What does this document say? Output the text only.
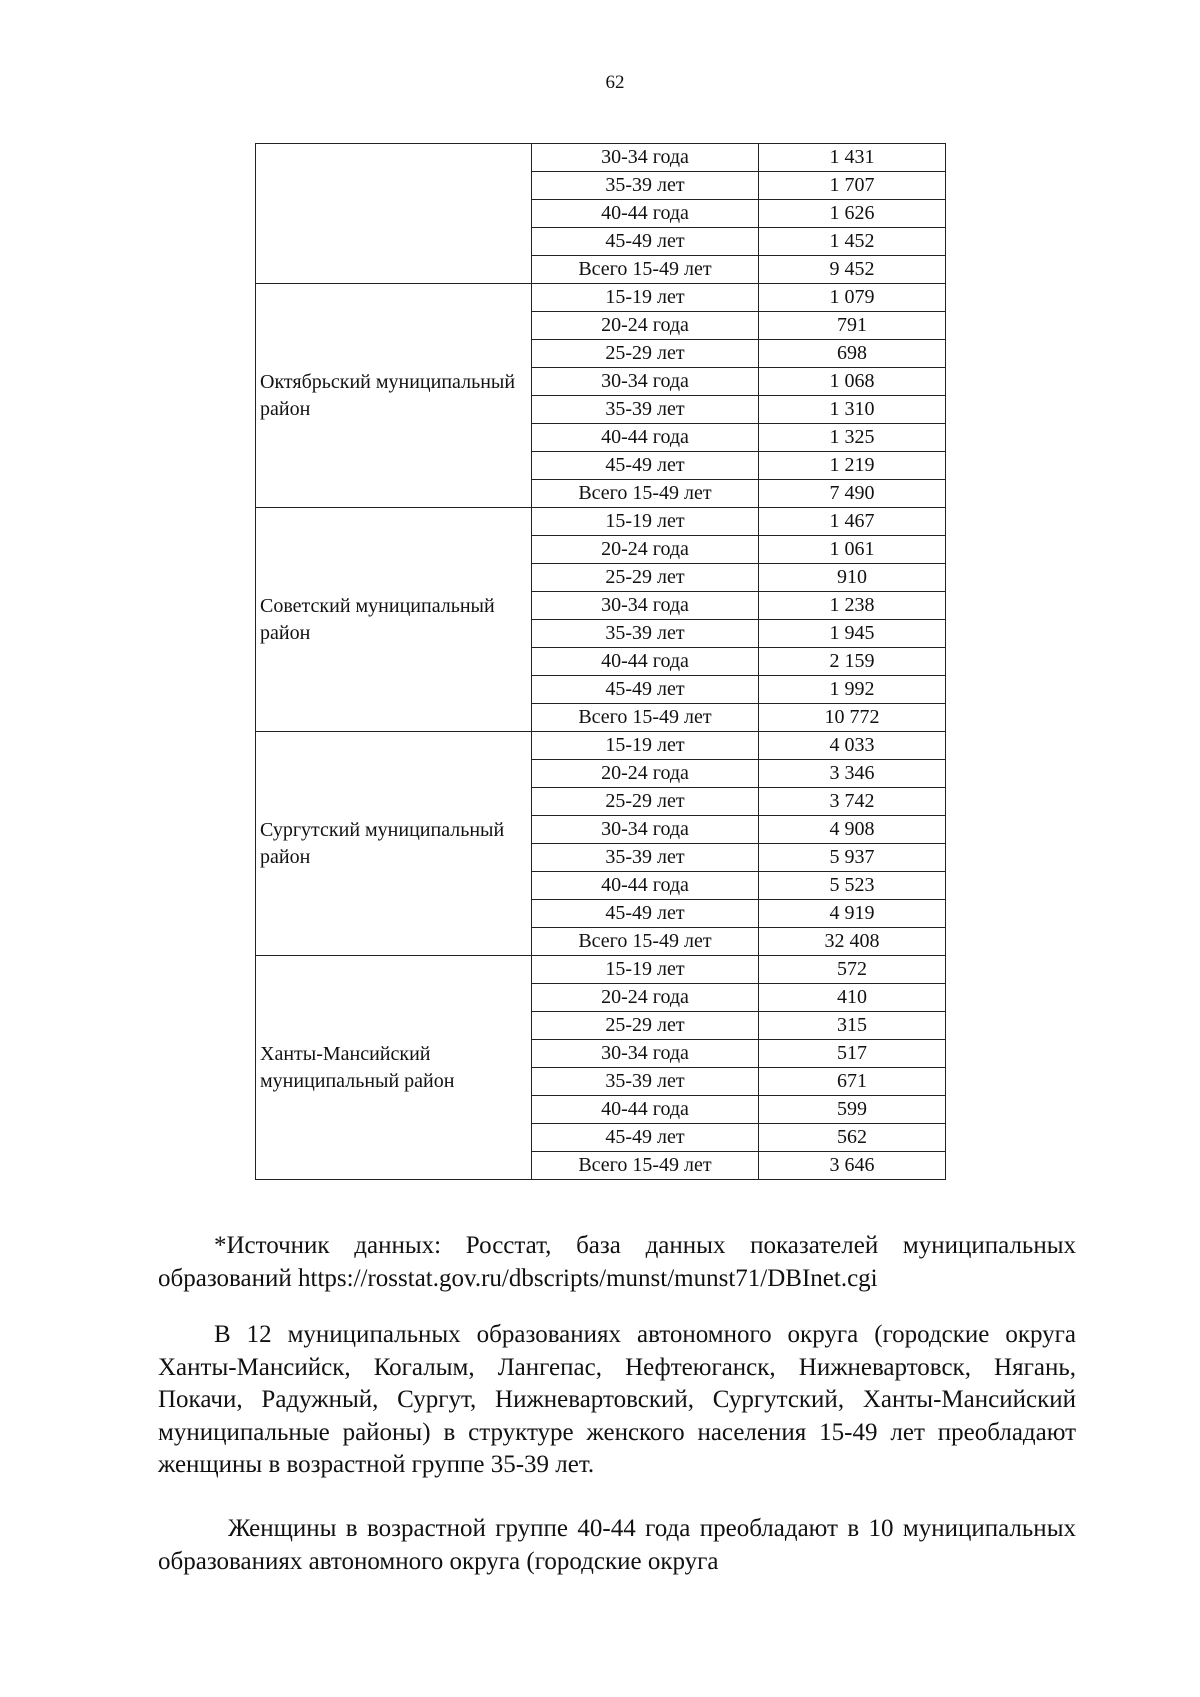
62
	30-34 года	1 431
	35-39 лет	1 707
	40-44 года	1 626
	45-49 лет	1 452
	Всего 15-49 лет	9 452
Октябрьский муниципальный район	15-19 лет	1 079
	20-24 года	791
	25-29 лет	698
	30-34 года	1 068
	35-39 лет	1 310
	40-44 года	1 325
	45-49 лет	1 219
	Всего 15-49 лет	7 490
Советский муниципальный район	15-19 лет	1 467
	20-24 года	1 061
	25-29 лет	910
	30-34 года	1 238
	35-39 лет	1 945
	40-44 года	2 159
	45-49 лет	1 992
	Всего 15-49 лет	10 772
Сургутский муниципальный район	15-19 лет	4 033
	20-24 года	3 346
	25-29 лет	3 742
	30-34 года	4 908
	35-39 лет	5 937
	40-44 года	5 523
	45-49 лет	4 919
	Всего 15-49 лет	32 408
Ханты-Мансийский муниципальный район	15-19 лет	572
	20-24 года	410
	25-29 лет	315
	30-34 года	517
	35-39 лет	671
	40-44 года	599
	45-49 лет	562
	Всего 15-49 лет	3 646
*Источник данных: Росстат, база данных показателей муниципальных образований https://rosstat.gov.ru/dbscripts/munst/munst71/DBInet.cgi
В 12 муниципальных образованиях автономного округа (городские округа Ханты-Мансийск, Когалым, Лангепас, Нефтеюганск, Нижневартовск, Нягань, Покачи, Радужный, Сургут, Нижневартовский, Сургутский, Ханты-Мансийский муниципальные районы) в структуре женского населения 15-49 лет преобладают женщины в возрастной группе 35-39 лет.
Женщины в возрастной группе 40-44 года преобладают в 10 муниципальных образованиях автономного округа (городские округа
